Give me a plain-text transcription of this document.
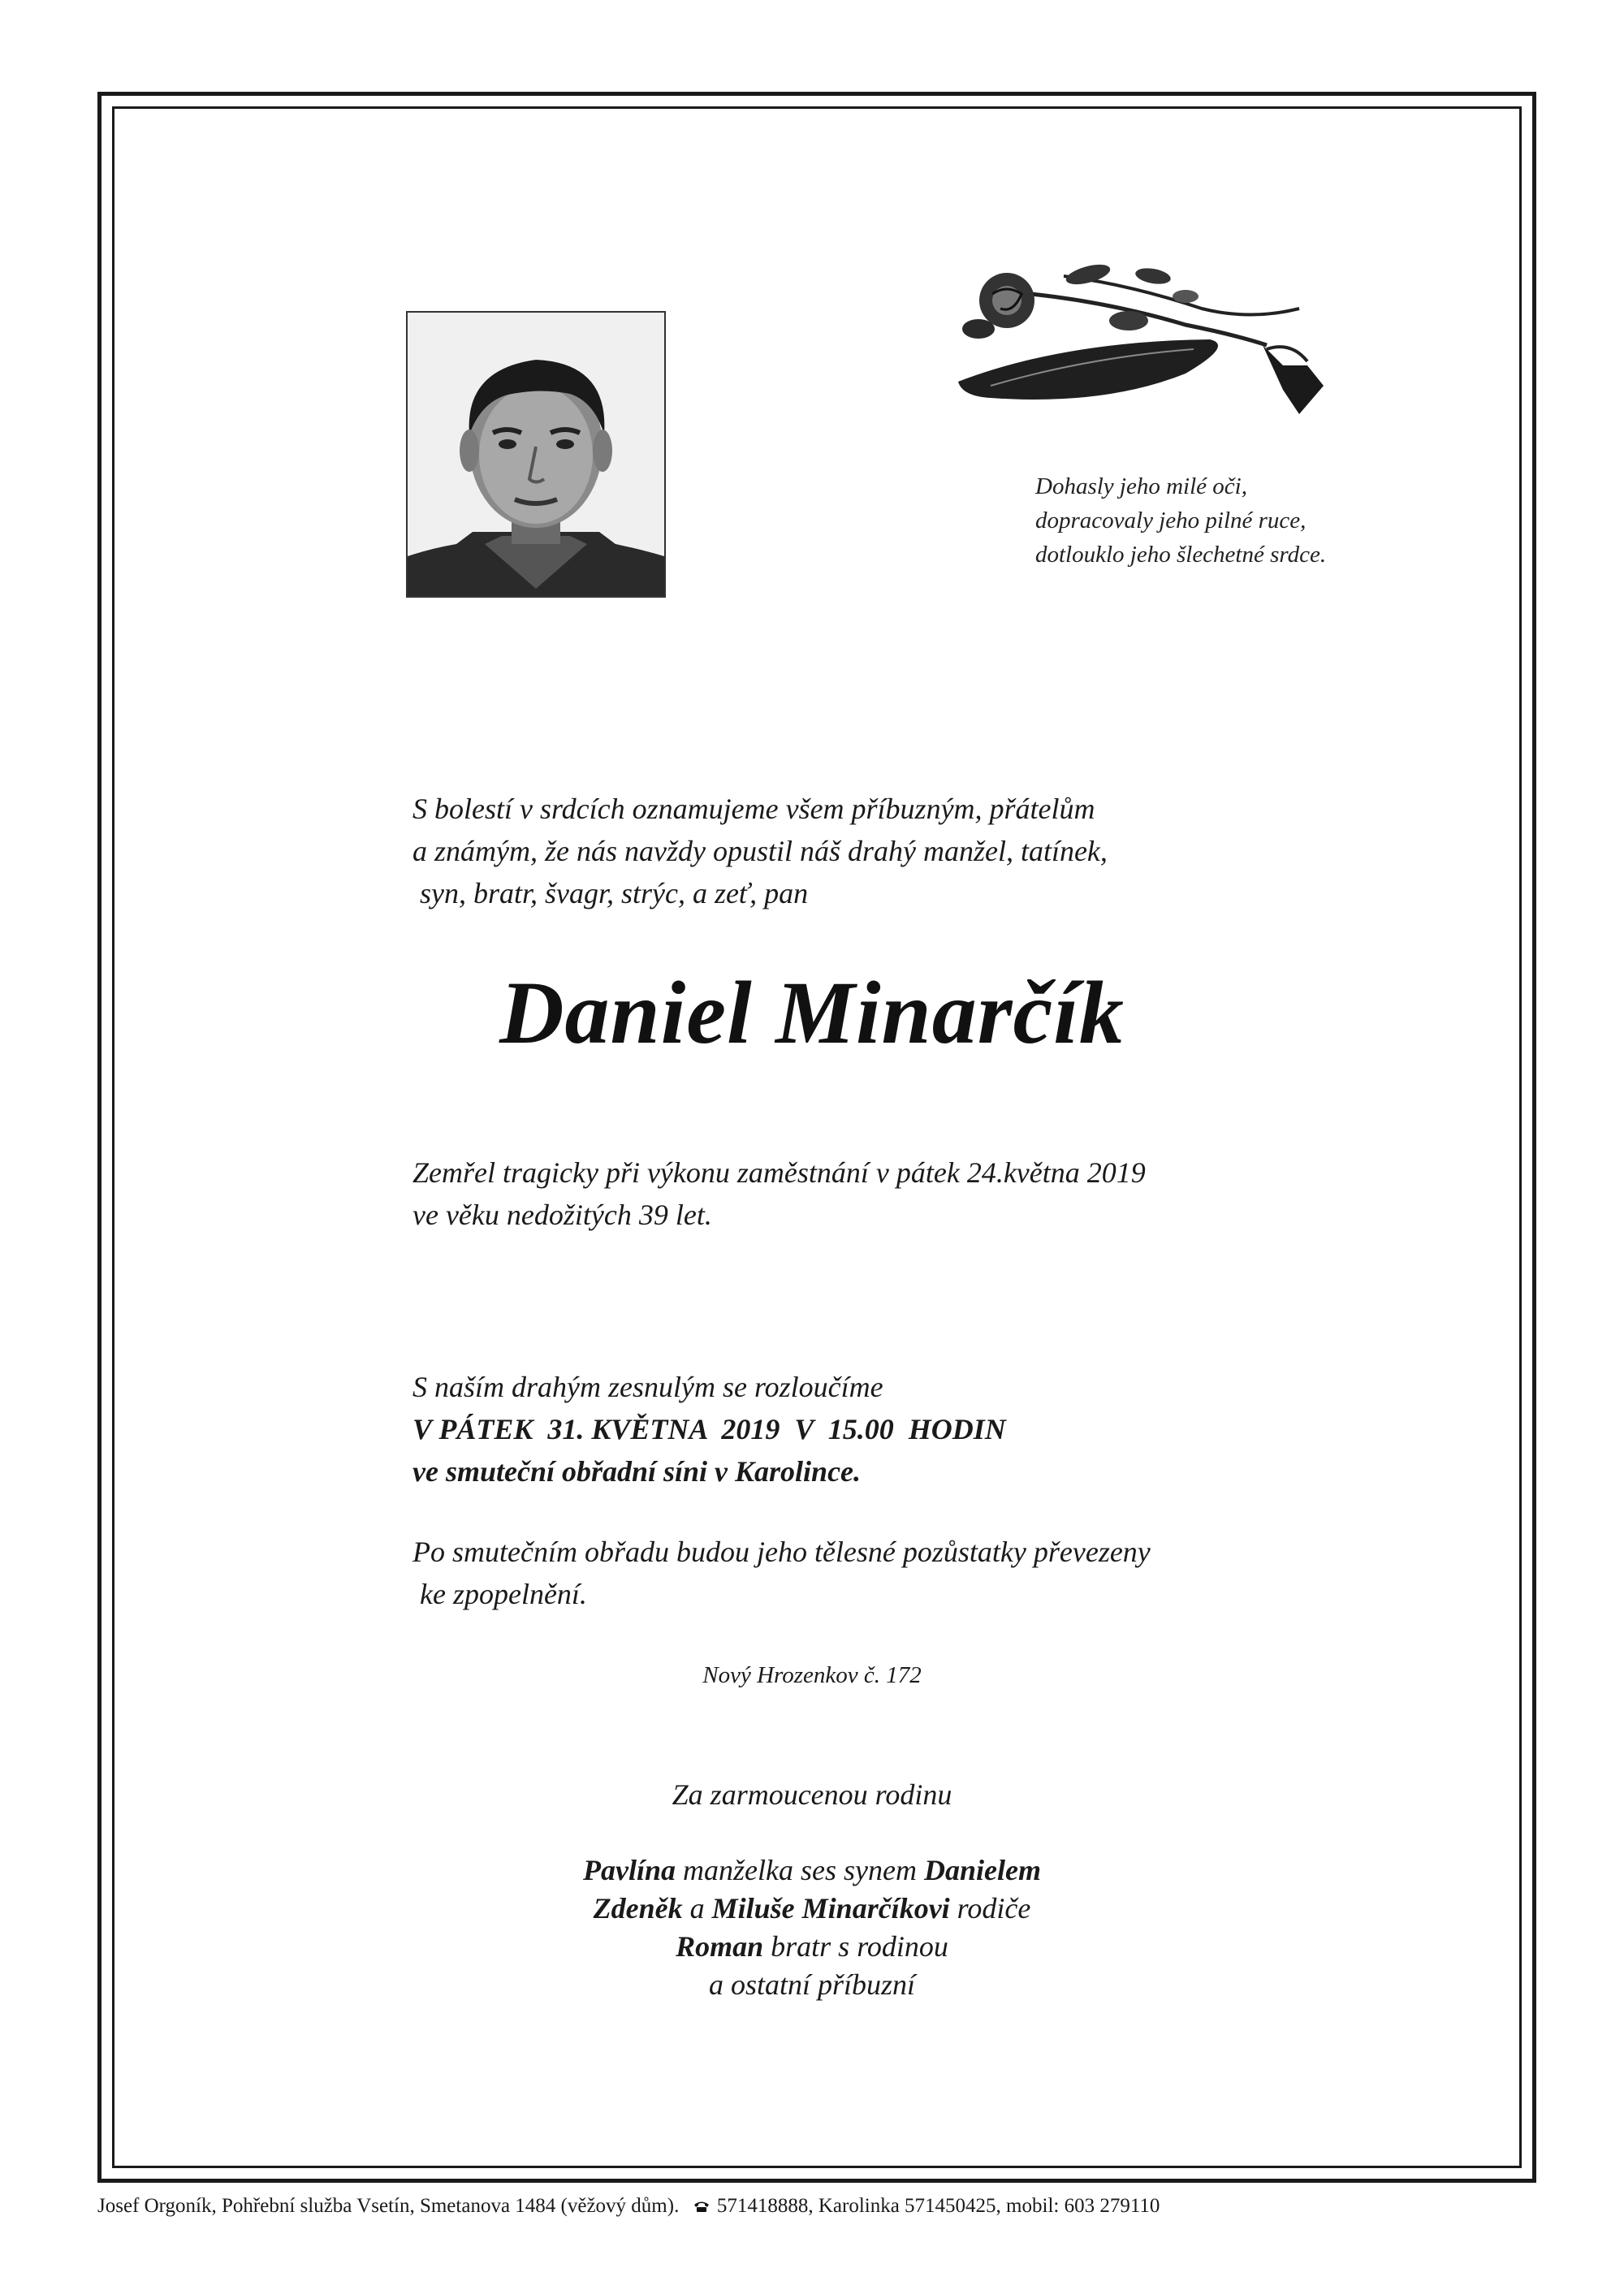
Dohasly jeho milé oči,
dopracovaly jeho pilné ruce,
dotlouklo jeho šlechetné srdce.
S bolestí v srdcích oznamujeme všem příbuzným, přátelům
a známým, že nás navždy opustil náš drahý manžel, tatínek,
syn, bratr, švagr, strýc, a zeť, pan
Daniel Minarčík
Zemřel tragicky při výkonu zaměstnání v pátek 24.května 2019
ve věku nedožitých 39 let.
S naším drahým zesnulým se rozloučíme
V PÁTEK  31. KVĚTNA  2019  V  15.00  HODIN
ve smuteční obřadní síni v Karolince.
Po smutečním obřadu budou jeho tělesné pozůstatky převezeny
ke zpopelnění.
Nový Hrozenkov č. 172
Za zarmoucenou rodinu
Pavlína manželka ses synem Danielem
Zdeněk a Miluše Minarčíkovi rodiče
Roman bratr s rodinou
a ostatní příbuzní
Josef Orgoník, Pohřební služba Vsetín, Smetanova 1484 (věžový dům).  571418888, Karolinka 571450425, mobil: 603 279110
